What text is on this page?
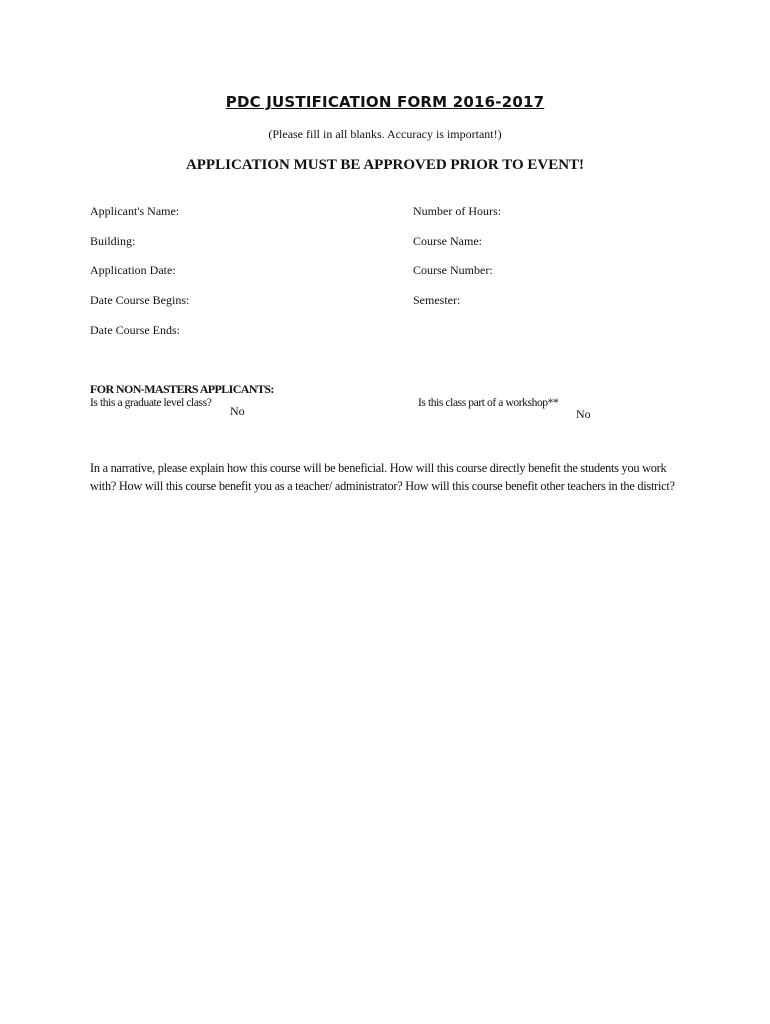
PDC JUSTIFICATION FORM 2016-2017
(Please fill in all blanks. Accuracy is important!)
APPLICATION MUST BE APPROVED PRIOR TO EVENT!
Applicant's Name:
Building:
Application Date:
Date Course Begins:
Date Course Ends:
Number of Hours:
Course Name:
Course Number:
Semester:
FOR NON-MASTERS APPLICANTS:
Is this a graduate level class?
No
Is this class part of a workshop**
No
In a narrative, please explain how this course will be beneficial. How will this course directly benefit the students you work with? How will this course benefit you as a teacher/ administrator? How will this course benefit other teachers in the district?
